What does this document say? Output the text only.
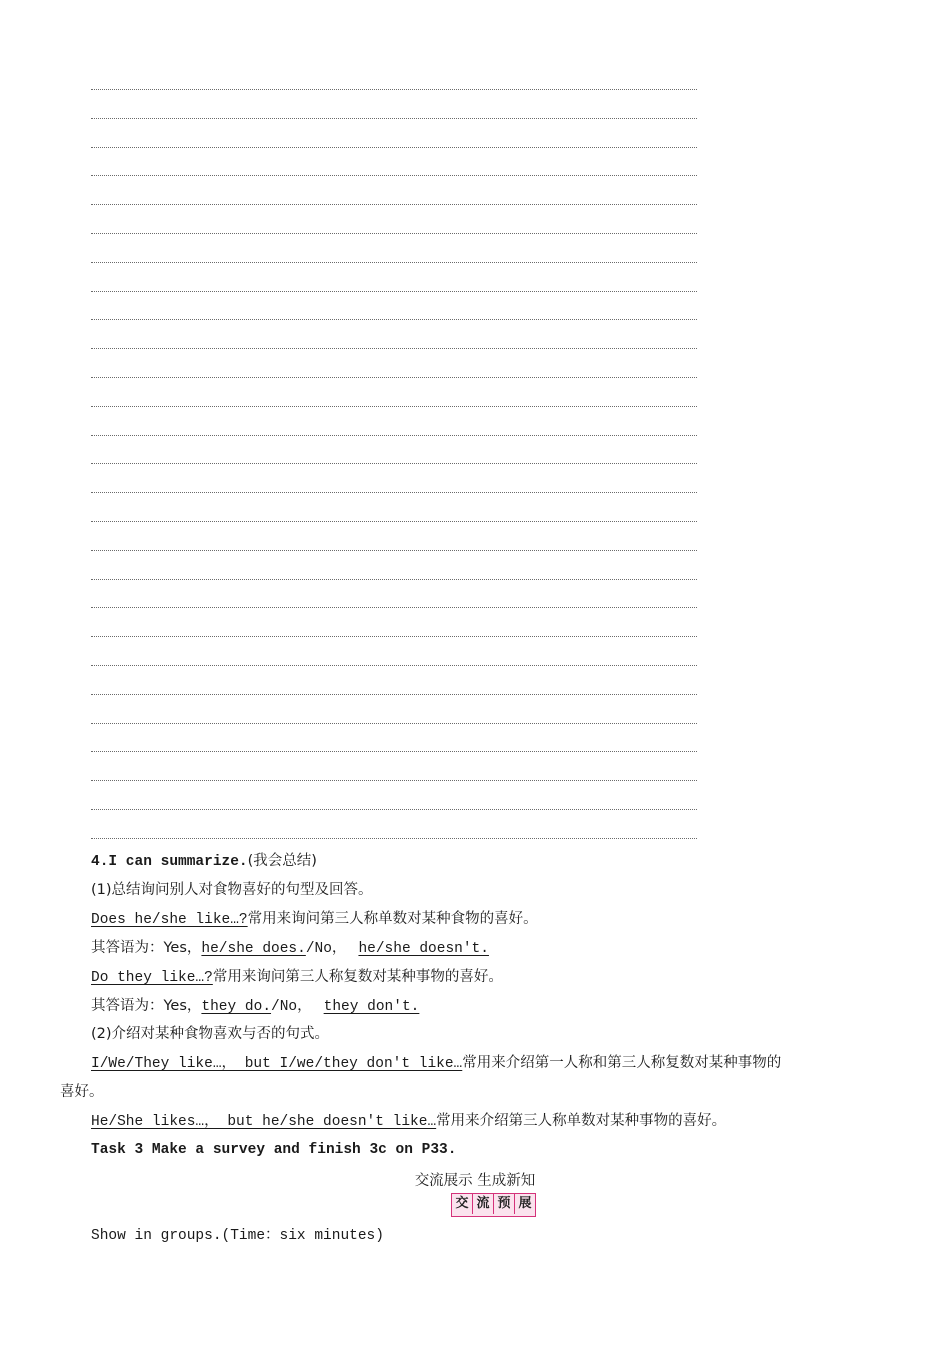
4.I can summarize.(我会总结)
(1)总结询问别人对食物喜好的句型及回答。
Does he/she like…?常用来询问第三人称单数对某种食物的喜好。
其答语为：Yes，he/she does./No， he/she doesn't.
Do they like…?常用来询问第三人称复数对某种事物的喜好。
其答语为：Yes，they do./No， they don't.
(2)介绍对某种食物喜欢与否的句式。
I/We/They like…， but I/we/they don't like…常用来介绍第一人称和第三人称复数对某种事物的
喜好。
He/She likes…， but he/she doesn't like…常用来介绍第三人称单数对某种事物的喜好。
Task 3 Make a survey and finish 3c on P33.
交流展示 生成新知
交 流 预 展
Show in groups.(Time：six minutes)
